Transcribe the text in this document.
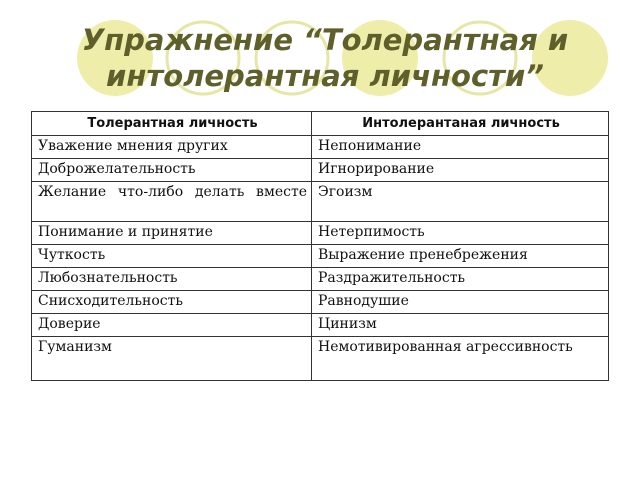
Упражнение “Толерантная и интолерантная личности”
Толерантная личность	Интолерантаная личность
Уважение мнения других	Непонимание
Доброжелательность	Игнорирование

Желание что-либо делать вместе	Эгоизм
Понимание и принятие	Нетерпимость
Чуткость	Выражение пренебрежения
Любознательность	Раздражительность
Снисходительность	Равнодушие
Доверие	Цинизм
Гуманизм	Немотивированная агрессивность
